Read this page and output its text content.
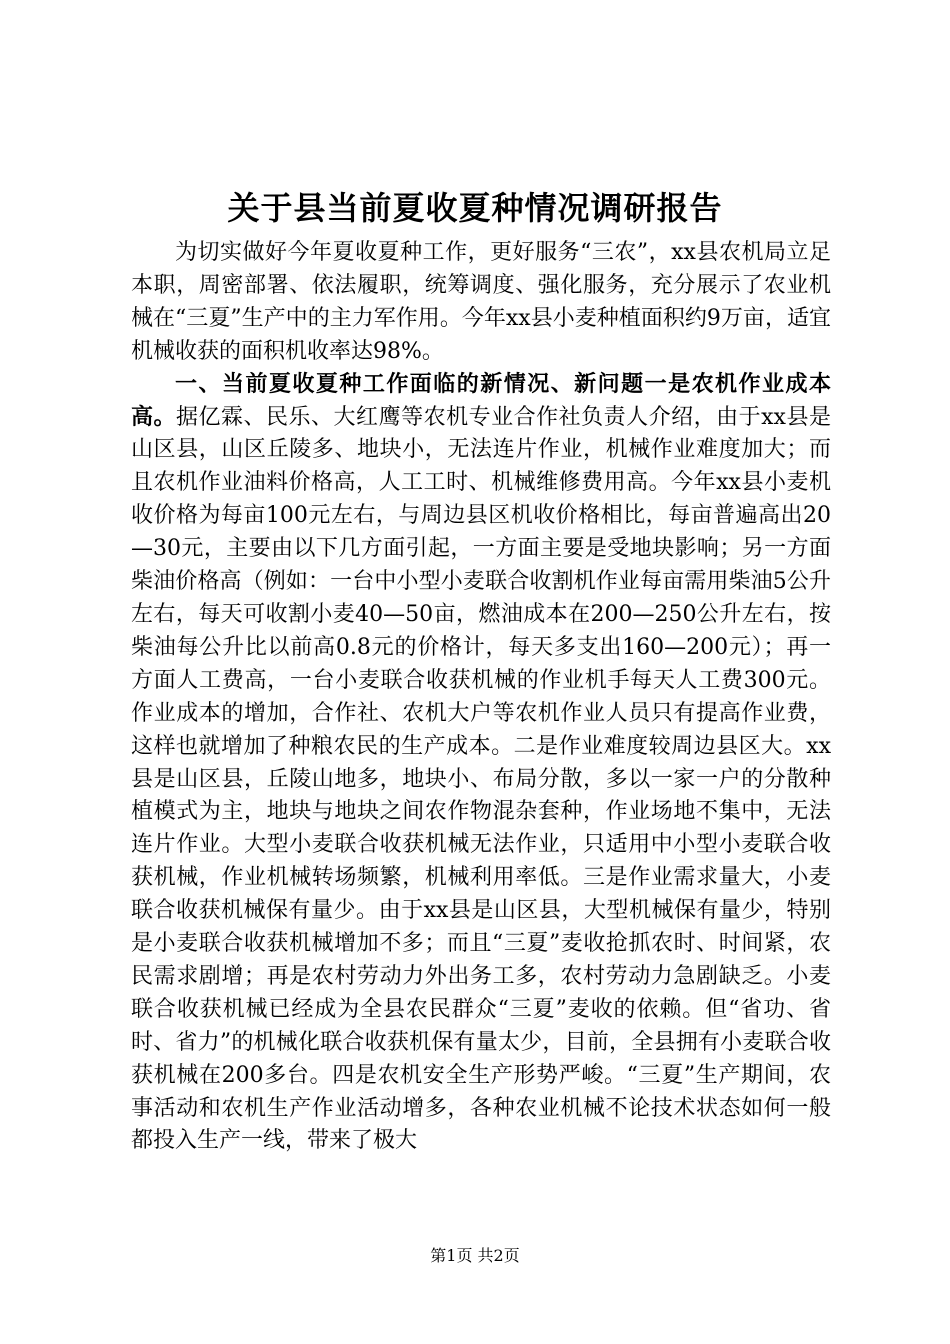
关于县当前夏收夏种情况调研报告

为切实做好今年夏收夏种工作，更好服务“三农”，xx县农机局立足本职，周密部署、依法履职，统筹调度、强化服务，充分展示了农业机械在“三夏”生产中的主力军作用。今年xx县小麦种植面积约9万亩，适宜机械收获的面积机收率达98%。

一、当前夏收夏种工作面临的新情况、新问题一是农机作业成本高。据亿霖、民乐、大红鹰等农机专业合作社负责人介绍，由于xx县是山区县，山区丘陵多、地块小，无法连片作业，机械作业难度加大；而且农机作业油料价格高，人工工时、机械维修费用高。今年xx县小麦机收价格为每亩100元左右，与周边县区机收价格相比，每亩普遍高出20—30元，主要由以下几方面引起，一方面主要是受地块影响；另一方面柴油价格高（例如：一台中小型小麦联合收割机作业每亩需用柴油5公升左右，每天可收割小麦40—50亩，燃油成本在200—250公升左右，按柴油每公升比以前高0.8元的价格计，每天多支出160—200元）；再一方面人工费高，一台小麦联合收获机械的作业机手每天人工费300元。作业成本的增加，合作社、农机大户等农机作业人员只有提高作业费，这样也就增加了种粮农民的生产成本。二是作业难度较周边县区大。xx县是山区县，丘陵山地多，地块小、布局分散，多以一家一户的分散种植模式为主，地块与地块之间农作物混杂套种，作业场地不集中，无法连片作业。大型小麦联合收获机械无法作业，只适用中小型小麦联合收获机械，作业机械转场频繁，机械利用率低。三是作业需求量大，小麦联合收获机械保有量少。由于xx县是山区县，大型机械保有量少，特别是小麦联合收获机械增加不多；而且“三夏”麦收抢抓农时、时间紧，农民需求剧增；再是农村劳动力外出务工多，农村劳动力急剧缺乏。小麦联合收获机械已经成为全县农民群众“三夏”麦收的依赖。但“省功、省时、省力”的机械化联合收获机保有量太少，目前，全县拥有小麦联合收获机械在200多台。四是农机安全生产形势严峻。“三夏”生产期间，农事活动和农机生产作业活动增多，各种农业机械不论技术状态如何一般都投入生产一线，带来了极大

第1页 共2页
